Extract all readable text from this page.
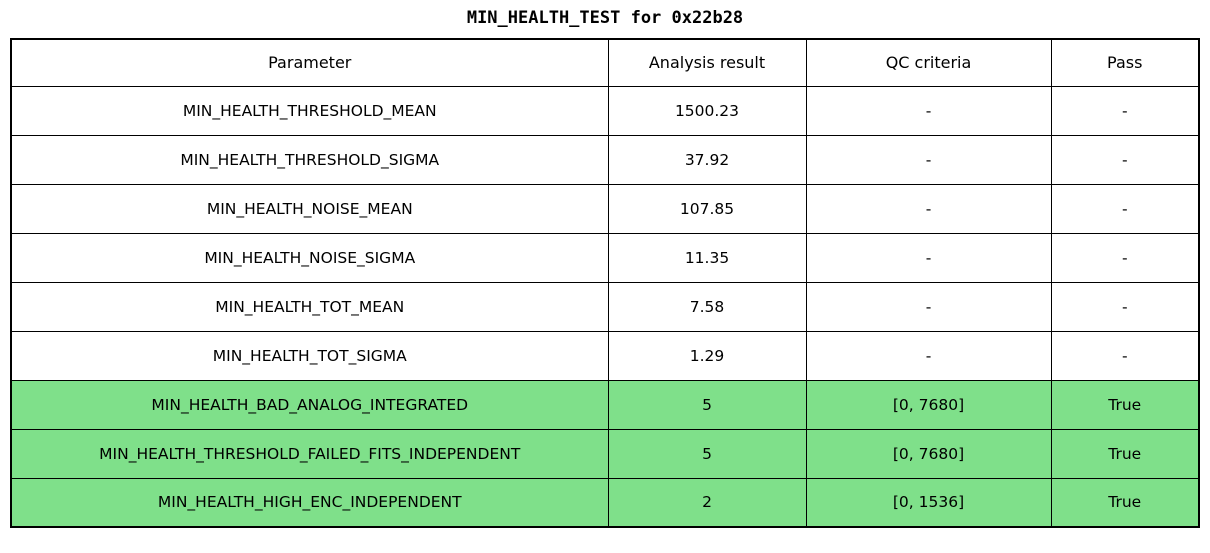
MIN_HEALTH_TEST for 0x22b28
Parameter	Analysis result	QC criteria	Pass
MIN_HEALTH_THRESHOLD_MEAN	1500.23	-	-
MIN_HEALTH_THRESHOLD_SIGMA	37.92	-	-
MIN_HEALTH_NOISE_MEAN	107.85	-	-
MIN_HEALTH_NOISE_SIGMA	11.35	-	-
MIN_HEALTH_TOT_MEAN	7.58	-	-
MIN_HEALTH_TOT_SIGMA	1.29	-	-
MIN_HEALTH_BAD_ANALOG_INTEGRATED	5	[0, 7680]	True
MIN_HEALTH_THRESHOLD_FAILED_FITS_INDEPENDENT	5	[0, 7680]	True
MIN_HEALTH_HIGH_ENC_INDEPENDENT	2	[0, 1536]	True
